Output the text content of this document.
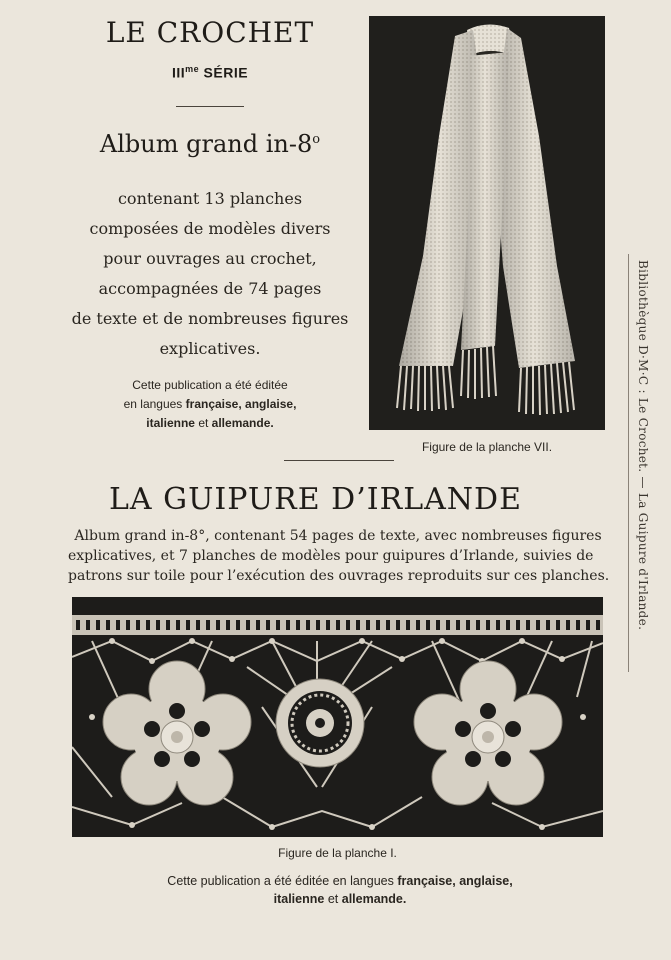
LE CROCHET
$III^{me}$ SÉRIE
Album grand in-8$^o$
contenant 13 planches
composées de modèles divers
pour ouvrages au crochet,
accompagnées de 74 pages
de texte et de nombreuses figures
explicatives.
Cette publication a été éditée
en langues française, anglaise,
italienne et allemande.
Figure de la planche VII.	Bibliothèque D·M·C : Le Crochet. — La Guipure d'Irlande.
LA GUIPURE D’IRLANDE
Album grand in-8°, contenant 54 pages de texte, avec nombreuses figures
explicatives, et 7 planches de modèles pour guipures d’Irlande, suivies de
patrons sur toile pour l’exécution des ouvrages reproduits sur ces planches.
Figure de la planche I.
Cette publication a été éditée en langues française, anglaise,
italienne et allemande.
